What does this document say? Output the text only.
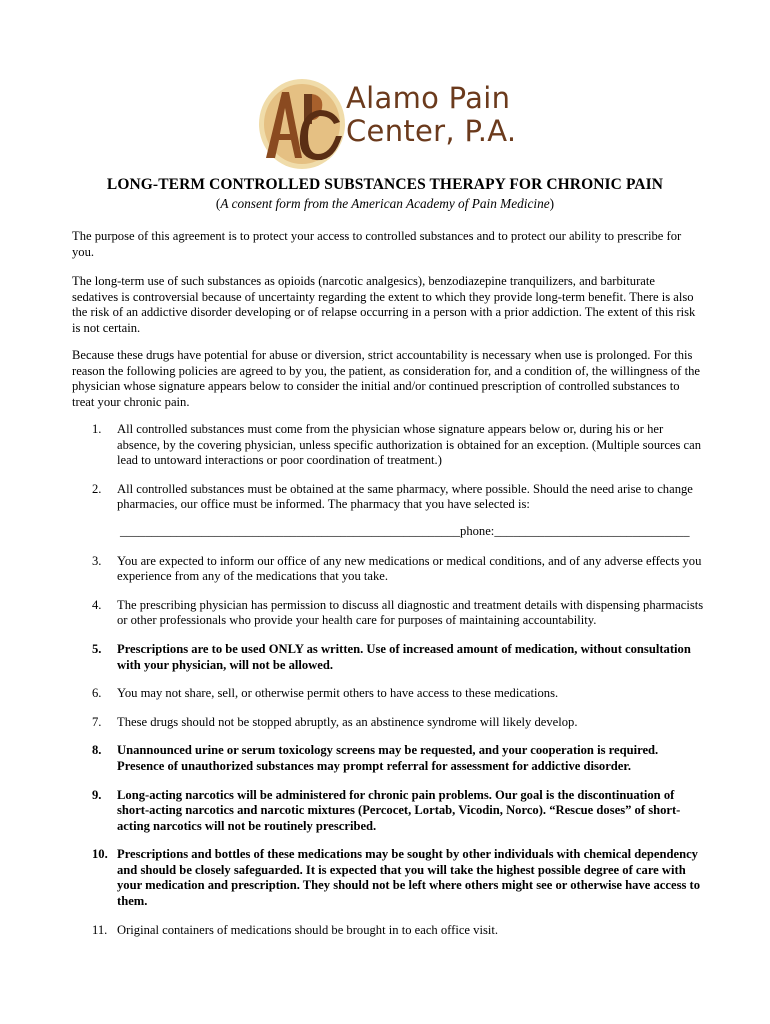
Alamo Pain
Center, P.A.
LONG-TERM CONTROLLED SUBSTANCES THERAPY FOR CHRONIC PAIN
(A consent form from the American Academy of Pain Medicine)
The purpose of this agreement is to protect your access to controlled substances and to protect our ability to prescribe for you.
The long-term use of such substances as opioids (narcotic analgesics), benzodiazepine tranquilizers, and barbiturate sedatives is controversial because of uncertainty regarding the extent to which they provide long-term benefit. There is also the risk of an addictive disorder developing or of relapse occurring in a person with a prior addiction. The extent of this risk is not certain.
Because these drugs have potential for abuse or diversion, strict accountability is necessary when use is prolonged. For this reason the following policies are agreed to by you, the patient, as consideration for, and a condition of, the willingness of the physician whose signature appears below to consider the initial and/or continued prescription of controlled substances to treat your chronic pain.
1. All controlled substances must come from the physician whose signature appears below or, during his or her absence, by the covering physician, unless specific authorization is obtained for an exception. (Multiple sources can lead to untoward interactions or poor coordination of treatment.)
2. All controlled substances must be obtained at the same pharmacy, where possible. Should the need arise to change pharmacies, our office must be informed. The pharmacy that you have selected is:
______________________________________________________phone:_______________________________
3. You are expected to inform our office of any new medications or medical conditions, and of any adverse effects you experience from any of the medications that you take.
4. The prescribing physician has permission to discuss all diagnostic and treatment details with dispensing pharmacists or other professionals who provide your health care for purposes of maintaining accountability.
5. Prescriptions are to be used ONLY as written. Use of increased amount of medication, without consultation with your physician, will not be allowed.
6. You may not share, sell, or otherwise permit others to have access to these medications.
7. These drugs should not be stopped abruptly, as an abstinence syndrome will likely develop.
8. Unannounced urine or serum toxicology screens may be requested, and your cooperation is required. Presence of unauthorized substances may prompt referral for assessment for addictive disorder.
9. Long-acting narcotics will be administered for chronic pain problems. Our goal is the discontinuation of short-acting narcotics and narcotic mixtures (Percocet, Lortab, Vicodin, Norco). “Rescue doses” of short-acting narcotics will not be routinely prescribed.
10. Prescriptions and bottles of these medications may be sought by other individuals with chemical dependency and should be closely safeguarded. It is expected that you will take the highest possible degree of care with your medication and prescription. They should not be left where others might see or otherwise have access to them.
11. Original containers of medications should be brought in to each office visit.
